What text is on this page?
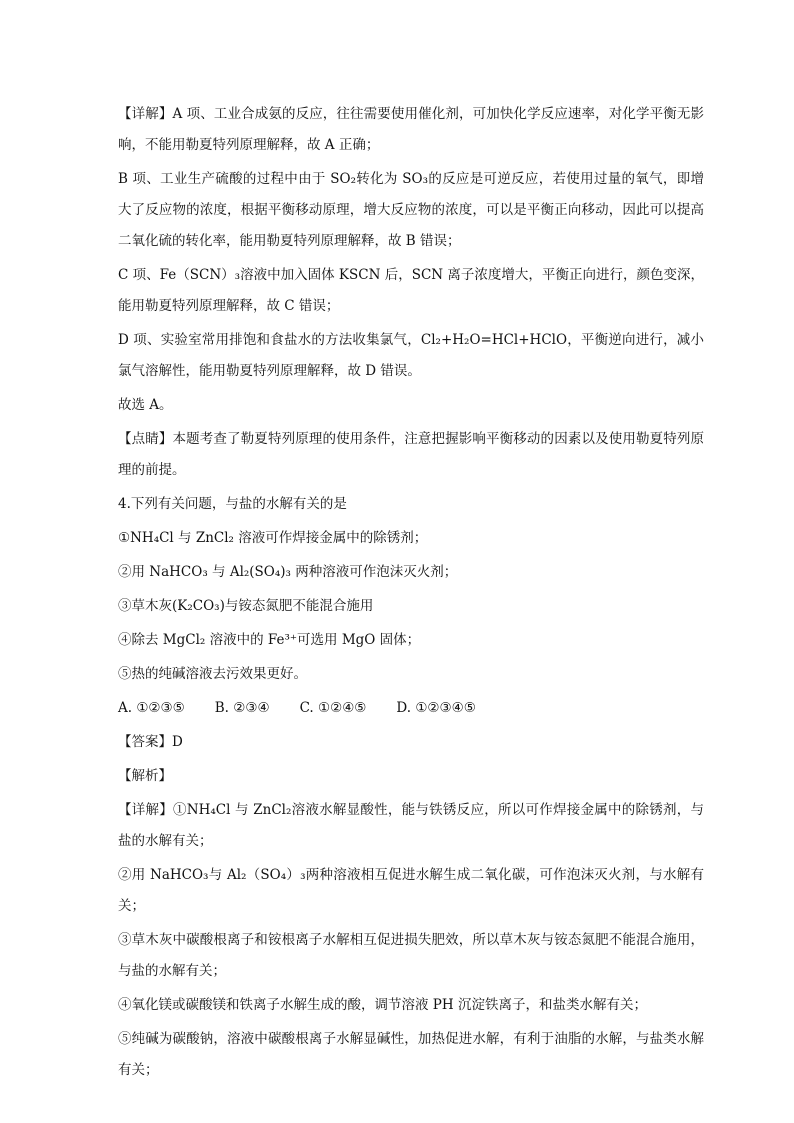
【详解】A 项、工业合成氨的反应，往往需要使用催化剂，可加快化学反应速率，对化学平衡无影响，不能用勒夏特列原理解释，故 A 正确；

B 项、工业生产硫酸的过程中由于 SO₂转化为 SO₃的反应是可逆反应，若使用过量的氧气，即增大了反应物的浓度，根据平衡移动原理，增大反应物的浓度，可以是平衡正向移动，因此可以提高二氧化硫的转化率，能用勒夏特列原理解释，故 B 错误；

C 项、Fe（SCN）₃溶液中加入固体 KSCN 后，SCN 离子浓度增大，平衡正向进行，颜色变深，能用勒夏特列原理解释，故 C 错误；

D 项、实验室常用排饱和食盐水的方法收集氯气，Cl₂+H₂O=HCl+HClO，平衡逆向进行，减小氯气溶解性，能用勒夏特列原理解释，故 D 错误。

故选 A。

【点睛】本题考查了勒夏特列原理的使用条件，注意把握影响平衡移动的因素以及使用勒夏特列原理的前提。

4.下列有关问题，与盐的水解有关的是

①NH₄Cl 与 ZnCl₂ 溶液可作焊接金属中的除锈剂；

②用 NaHCO₃ 与 Al₂(SO₄)₃ 两种溶液可作泡沫灭火剂；

③草木灰(K₂CO₃)与铵态氮肥不能混合施用

④除去 MgCl₂ 溶液中的 Fe³⁺可选用 MgO 固体；

⑤热的纯碱溶液去污效果更好。

A. ①②③⑤ B. ②③④ C. ①②④⑤ D. ①②③④⑤

【答案】D

【解析】

【详解】①NH₄Cl 与 ZnCl₂溶液水解显酸性，能与铁锈反应，所以可作焊接金属中的除锈剂，与盐的水解有关；

②用 NaHCO₃与 Al₂（SO₄）₃两种溶液相互促进水解生成二氧化碳，可作泡沫灭火剂，与水解有关；

③草木灰中碳酸根离子和铵根离子水解相互促进损失肥效，所以草木灰与铵态氮肥不能混合施用，与盐的水解有关；

④氧化镁或碳酸镁和铁离子水解生成的酸，调节溶液 PH 沉淀铁离子，和盐类水解有关；

⑤纯碱为碳酸钠，溶液中碳酸根离子水解显碱性，加热促进水解，有利于油脂的水解，与盐类水解有关；
